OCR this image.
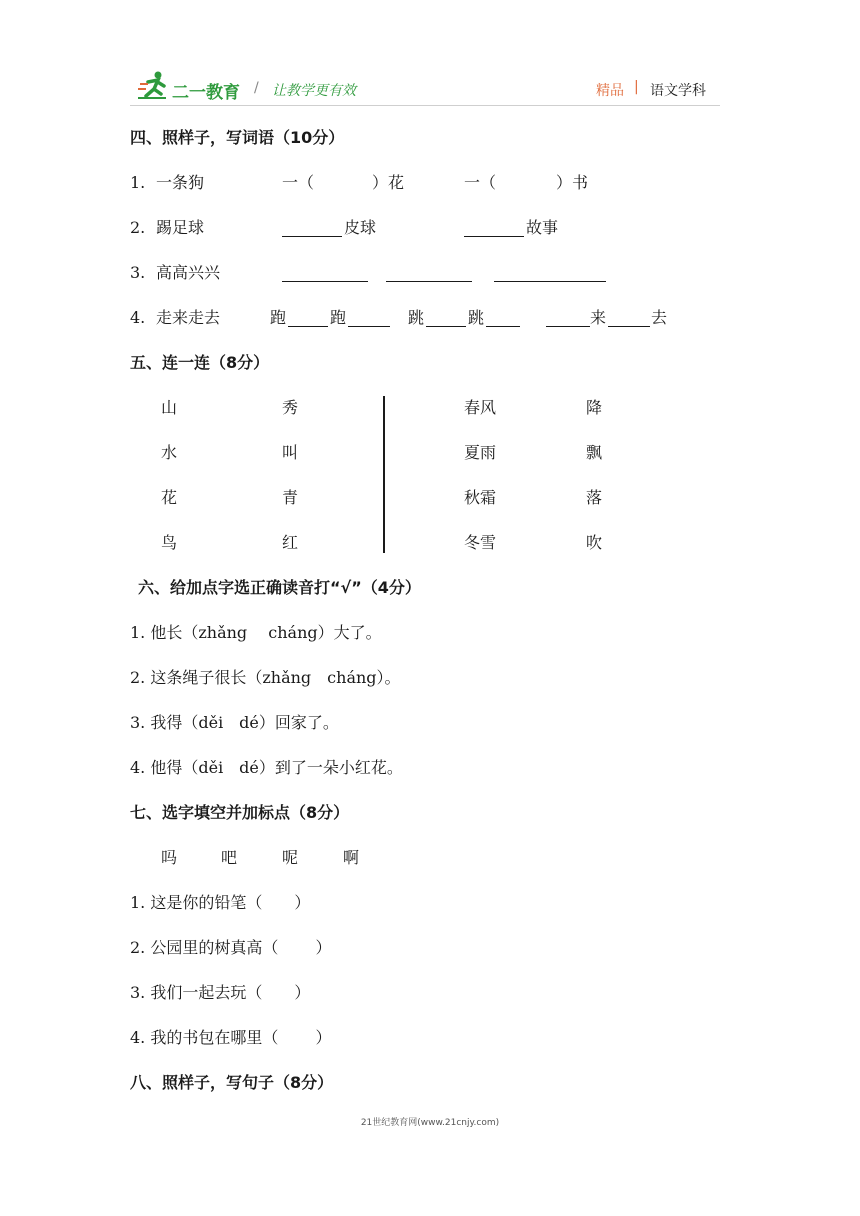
二一教育 / 让教学更有效	精品 | 语文学科
四、照样子，写词语（10分）
1. 一条狗	一（	）花	一（	）书
2. 踢足球	皮球	故事
3. 高高兴兴
4. 走来走去	跑	跑	跳	跳	来	去
五、连一连（8分）
山	秀	春风	降
水	叫	夏雨	飘
花	青	秋霜	落
鸟	红	冬雪	吹
六、给加点字选正确读音打“√”（4分）
1. 他长（zhǎng　 cháng）大了。
2. 这条绳子很长（zhǎng　cháng）。
3. 我得（děi　dé）回家了。
4. 他得（děi　dé）到了一朵小红花。
七、选字填空并加标点（8分）
吗	吧	呢	啊
1. 这是你的铅笔（　　）
2. 公园里的树真高（　　 ）
3. 我们一起去玩（　　）
4. 我的书包在哪里（　　 ）
八、照样子，写句子（8分）
21世纪教育网(www.21cnjy.com)
